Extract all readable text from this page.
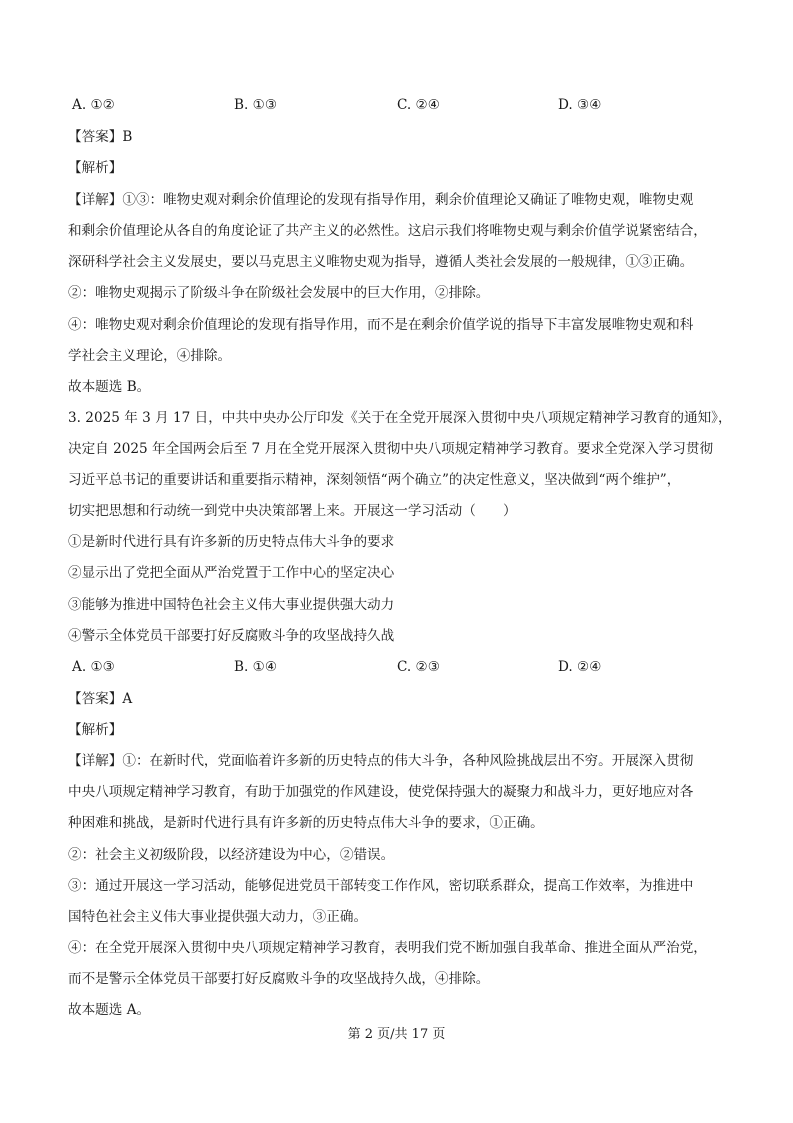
A. ①②	B. ①③	C. ②④	D. ③④
【答案】B
【解析】
【详解】①③：唯物史观对剩余价值理论的发现有指导作用，剩余价值理论又确证了唯物史观，唯物史观
和剩余价值理论从各自的角度论证了共产主义的必然性。这启示我们将唯物史观与剩余价值学说紧密结合，
深研科学社会主义发展史，要以马克思主义唯物史观为指导，遵循人类社会发展的一般规律，①③正确。
②：唯物史观揭示了阶级斗争在阶级社会发展中的巨大作用，②排除。
④：唯物史观对剩余价值理论的发现有指导作用，而不是在剩余价值学说的指导下丰富发展唯物史观和科
学社会主义理论，④排除。
故本题选 B。
3. 2025 年 3 月 17 日，中共中央办公厅印发《关于在全党开展深入贯彻中央八项规定精神学习教育的通知》，
决定自 2025 年全国两会后至 7 月在全党开展深入贯彻中央八项规定精神学习教育。要求全党深入学习贯彻
习近平总书记的重要讲话和重要指示精神，深刻领悟“两个确立”的决定性意义，坚决做到“两个维护”，
切实把思想和行动统一到党中央决策部署上来。开展这一学习活动（　　）
①是新时代进行具有许多新的历史特点伟大斗争的要求
②显示出了党把全面从严治党置于工作中心的坚定决心
③能够为推进中国特色社会主义伟大事业提供强大动力
④警示全体党员干部要打好反腐败斗争的攻坚战持久战
A. ①③	B. ①④	C. ②③	D. ②④
【答案】A
【解析】
【详解】①：在新时代，党面临着许多新的历史特点的伟大斗争，各种风险挑战层出不穷。开展深入贯彻
中央八项规定精神学习教育，有助于加强党的作风建设，使党保持强大的凝聚力和战斗力，更好地应对各
种困难和挑战，是新时代进行具有许多新的历史特点伟大斗争的要求，①正确。
②：社会主义初级阶段，以经济建设为中心，②错误。
③：通过开展这一学习活动，能够促进党员干部转变工作作风，密切联系群众，提高工作效率，为推进中
国特色社会主义伟大事业提供强大动力，③正确。
④：在全党开展深入贯彻中央八项规定精神学习教育，表明我们党不断加强自我革命、推进全面从严治党，
而不是警示全体党员干部要打好反腐败斗争的攻坚战持久战，④排除。
故本题选 A。
第 2 页/共 17 页
